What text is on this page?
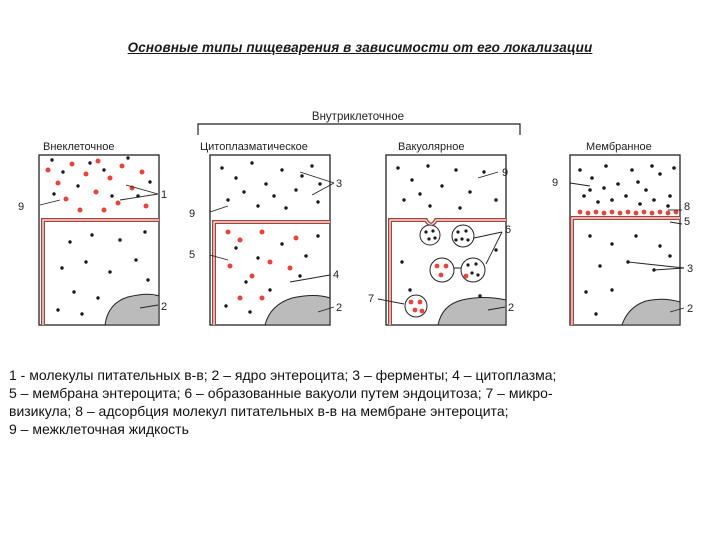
Основные типы пищеварения в зависимости от его локализации
Внутриклеточное
Внеклеточное
9
1
2
Цитоплазматическое
9
5
3
4
2
Вакуолярное
9
6
7
2
Мембранное
9
8
5
3
2
1 - молекулы питательных в-в; 2 – ядро энтероцита; 3 – ферменты; 4 – цитоплазма;
5 – мембрана энтероцита; 6 – образованные вакуоли путем эндоцитоза; 7 – микро-
визикула; 8 – адсорбция молекул питательных в-в на мембране энтероцита;
9 – межклеточная жидкость
